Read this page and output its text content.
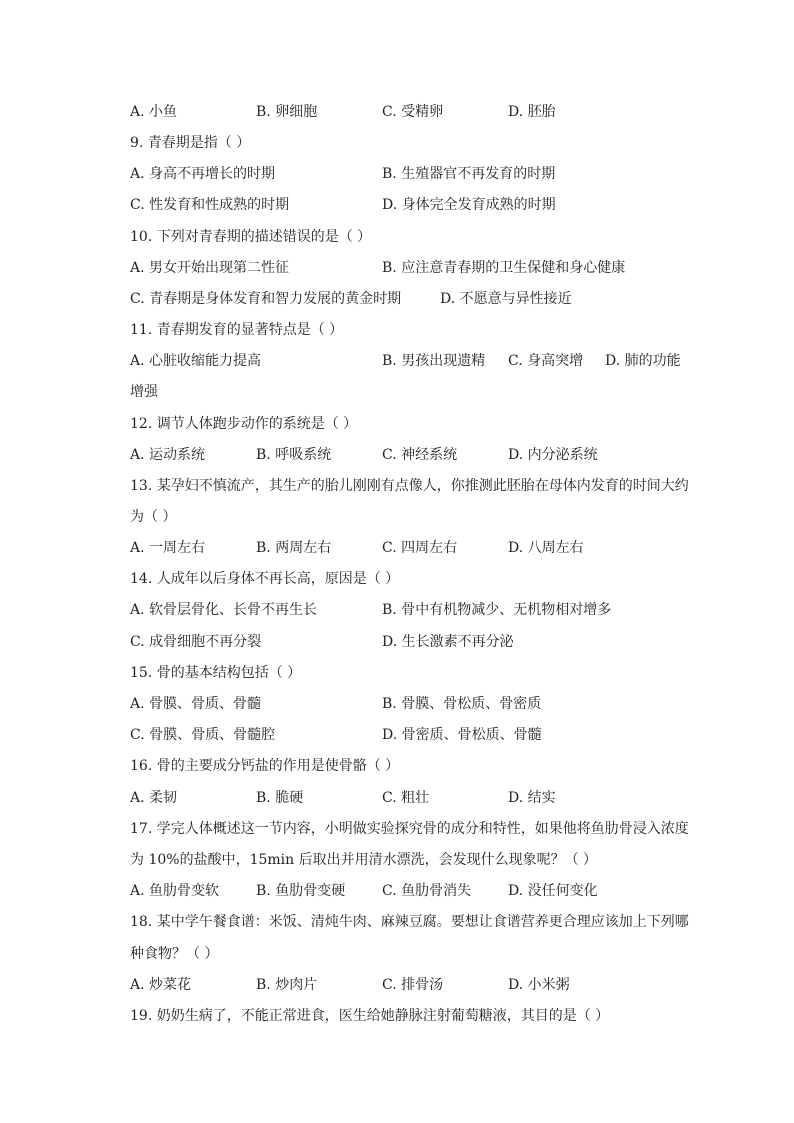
A. 小鱼	B. 卵细胞	C. 受精卵	D. 胚胎
9. 青春期是指（ ）
A. 身高不再增长的时期	B. 生殖器官不再发育的时期
C. 性发育和性成熟的时期	D. 身体完全发育成熟的时期
10. 下列对青春期的描述错误的是（ ）
A. 男女开始出现第二性征	B. 应注意青春期的卫生保健和身心健康
C. 青春期是身体发育和智力发展的黄金时期	D. 不愿意与异性接近
11. 青春期发育的显著特点是（ ）
A. 心脏收缩能力提高	B. 男孩出现遗精 C. 身高突增 D. 肺的功能
增强
12. 调节人体跑步动作的系统是（ ）
A. 运动系统	B. 呼吸系统	C. 神经系统	D. 内分泌系统
13. 某孕妇不慎流产，其生产的胎儿刚刚有点像人，你推测此胚胎在母体内发育的时间大约
为（ ）
A. 一周左右	B. 两周左右	C. 四周左右	D. 八周左右
14. 人成年以后身体不再长高，原因是（ ）
A. 软骨层骨化、长骨不再生长	B. 骨中有机物减少、无机物相对增多
C. 成骨细胞不再分裂	D. 生长激素不再分泌
15. 骨的基本结构包括（ ）
A. 骨膜、骨质、骨髓	B. 骨膜、骨松质、骨密质
C. 骨膜、骨质、骨髓腔	D. 骨密质、骨松质、骨髓
16. 骨的主要成分钙盐的作用是使骨骼（ ）
A. 柔韧	B. 脆硬	C. 粗壮	D. 结实
17. 学完人体概述这一节内容，小明做实验探究骨的成分和特性，如果他将鱼肋骨浸入浓度
为 10%的盐酸中，15min 后取出并用清水漂洗，会发现什么现象呢？（ ）
A. 鱼肋骨变软	B. 鱼肋骨变硬	C. 鱼肋骨消失	D. 没任何变化
18. 某中学午餐食谱：米饭、清炖牛肉、麻辣豆腐。要想让食谱营养更合理应该加上下列哪
种食物？（ ）
A. 炒菜花	B. 炒肉片	C. 排骨汤	D. 小米粥
19. 奶奶生病了，不能正常进食，医生给她静脉注射葡萄糖液，其目的是（ ）
